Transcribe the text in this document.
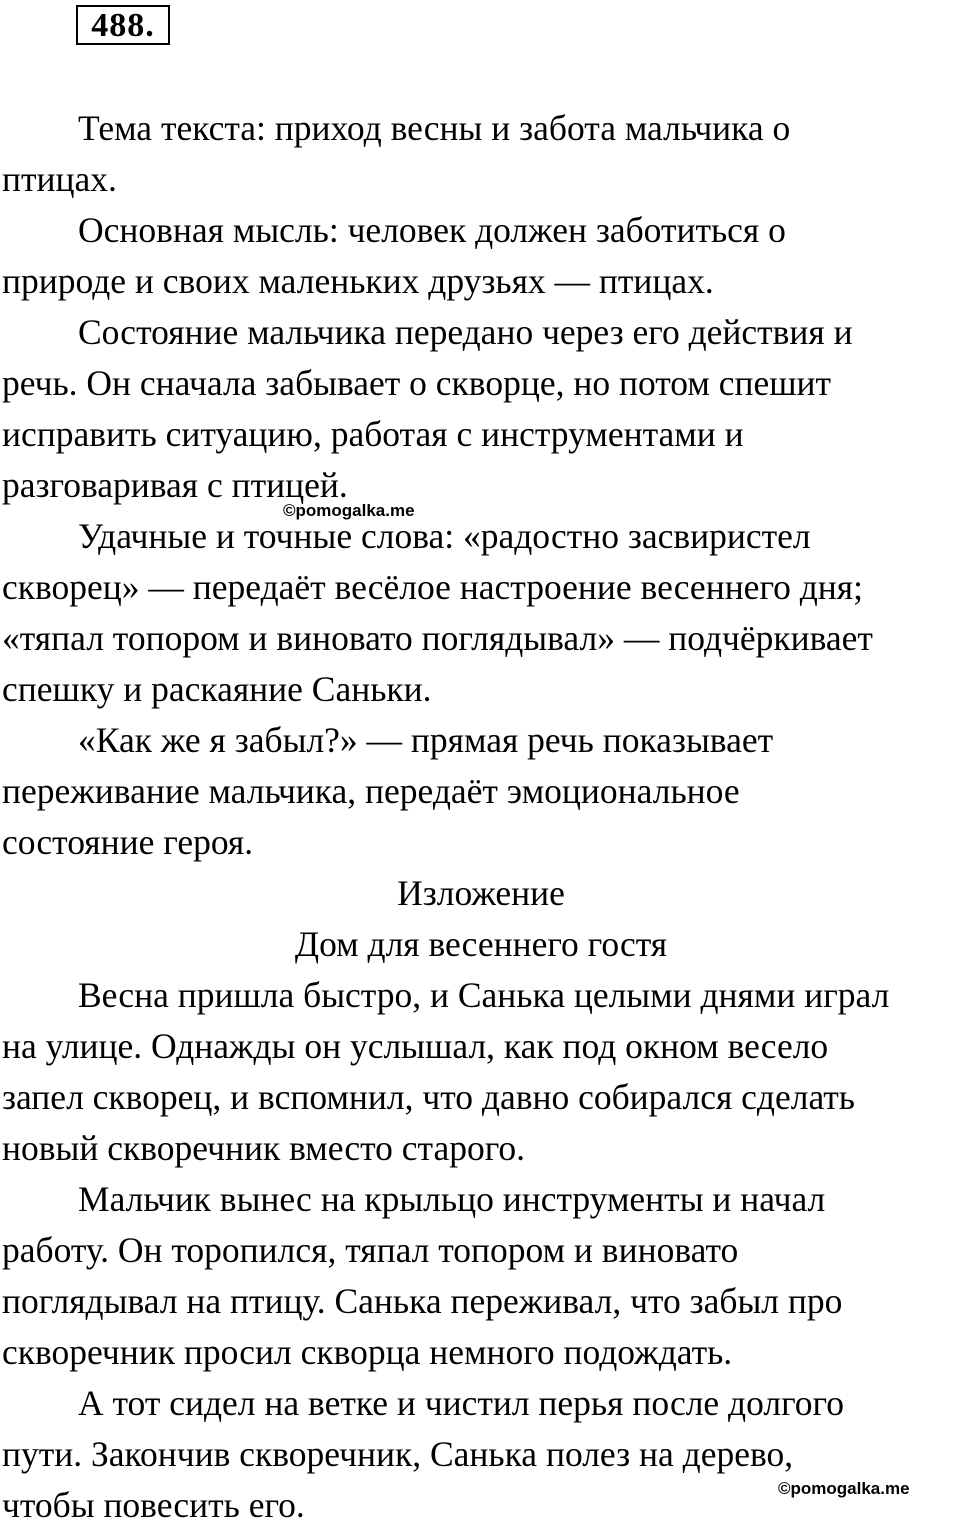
488.
Тема текста: приход весны и забота мальчика о
птицах.
Основная мысль: человек должен заботиться о
природе и своих маленьких друзьях — птицах.
Состояние мальчика передано через его действия и
речь. Он сначала забывает о скворце, но потом спешит
исправить ситуацию, работая с инструментами и
разговаривая с птицей.
Удачные и точные слова: «радостно засвиристел
скворец» — передаёт весёлое настроение весеннего дня;
«тяпал топором и виновато поглядывал» — подчёркивает
спешку и раскаяние Саньки.
«Как же я забыл?» — прямая речь показывает
переживание мальчика, передаёт эмоциональное
состояние героя.
Изложение
Дом для весеннего гостя
Весна пришла быстро, и Санька целыми днями играл
на улице. Однажды он услышал, как под окном весело
запел скворец, и вспомнил, что давно собирался сделать
новый скворечник вместо старого.
Мальчик вынес на крыльцо инструменты и начал
работу. Он торопился, тяпал топором и виновато
поглядывал на птицу. Санька переживал, что забыл про
скворечник просил скворца немного подождать.
А тот сидел на ветке и чистил перья после долгого
пути. Закончив скворечник, Санька полез на дерево,
чтобы повесить его.
©pomogalka.me
©pomogalka.me
